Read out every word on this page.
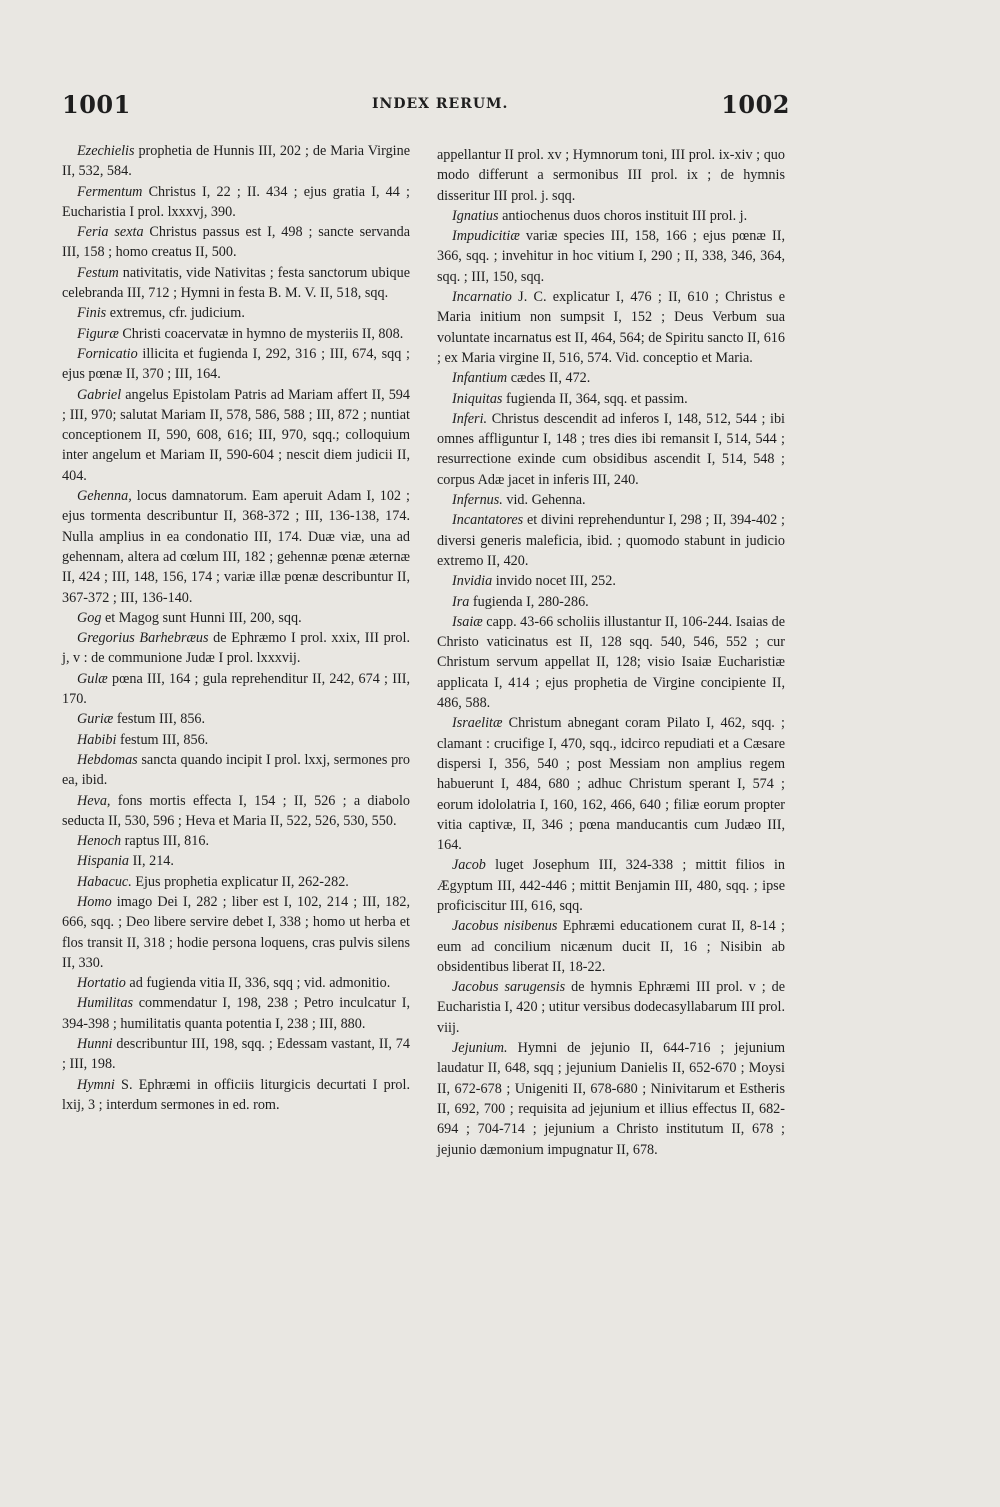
1001	INDEX RERUM.	1002

Ezechielis prophetia de Hunnis III, 202 ; de Maria Virgine II, 532, 584.

Fermentum Christus I, 22 ; II. 434 ; ejus gratia I, 44 ; Eucharistia I prol. lxxxvj, 390.

Feria sexta Christus passus est I, 498 ; sancte servanda III, 158 ; homo creatus II, 500.

Festum nativitatis, vide Nativitas ; festa sanctorum ubique celebranda III, 712 ; Hymni in festa B. M. V. II, 518, sqq.

Finis extremus, cfr. judicium.

Figuræ Christi coacervatæ in hymno de mysteriis II, 808.

Fornicatio illicita et fugienda I, 292, 316 ; III, 674, sqq ; ejus pœnæ II, 370 ; III, 164.

Gabriel angelus Epistolam Patris ad Mariam affert II, 594 ; III, 970; salutat Mariam II, 578, 586, 588 ; III, 872 ; nuntiat conceptionem II, 590, 608, 616; III, 970, sqq.; colloquium inter angelum et Mariam II, 590-604 ; nescit diem judicii II, 404.

Gehenna, locus damnatorum. Eam aperuit Adam I, 102 ; ejus tormenta describuntur II, 368-372 ; III, 136-138, 174. Nulla amplius in ea condonatio III, 174. Duæ viæ, una ad gehennam, altera ad cœlum III, 182 ; gehennæ pœnæ æternæ II, 424 ; III, 148, 156, 174 ; variæ illæ pœnæ describuntur II, 367-372 ; III, 136-140.

Gog et Magog sunt Hunni III, 200, sqq.

Gregorius Barhebræus de Ephræmo I prol. xxix, III prol. j, v : de communione Judæ I prol. lxxxvij.

Gulæ pœna III, 164 ; gula reprehenditur II, 242, 674 ; III, 170.

Guriæ festum III, 856.

Habibi festum III, 856.

Hebdomas sancta quando incipit I prol. lxxj, sermones pro ea, ibid.

Heva, fons mortis effecta I, 154 ; II, 526 ; a diabolo seducta II, 530, 596 ; Heva et Maria II, 522, 526, 530, 550.

Henoch raptus III, 816.

Hispania II, 214.

Habacuc. Ejus prophetia explicatur II, 262-282.

Homo imago Dei I, 282 ; liber est I, 102, 214 ; III, 182, 666, sqq. ; Deo libere servire debet I, 338 ; homo ut herba et flos transit II, 318 ; hodie persona loquens, cras pulvis silens II, 330.

Hortatio ad fugienda vitia II, 336, sqq ; vid. admonitio.

Humilitas commendatur I, 198, 238 ; Petro inculcatur I, 394-398 ; humilitatis quanta potentia I, 238 ; III, 880.

Hunni describuntur III, 198, sqq. ; Edessam vastant, II, 74 ; III, 198.

Hymni S. Ephræmi in officiis liturgicis decurtati I prol. lxij, 3 ; interdum sermones in ed. rom.

appellantur II prol. xv ; Hymnorum toni, III prol. ix-xiv ; quo modo differunt a sermonibus III prol. ix ; de hymnis disseritur III prol. j. sqq.

Ignatius antiochenus duos choros instituit III prol. j.

Impudicitiæ variæ species III, 158, 166 ; ejus pœnæ II, 366, sqq. ; invehitur in hoc vitium I, 290 ; II, 338, 346, 364, sqq. ; III, 150, sqq.

Incarnatio J. C. explicatur I, 476 ; II, 610 ; Christus e Maria initium non sumpsit I, 152 ; Deus Verbum sua voluntate incarnatus est II, 464, 564; de Spiritu sancto II, 616 ; ex Maria virgine II, 516, 574. Vid. conceptio et Maria.

Infantium cædes II, 472.

Iniquitas fugienda II, 364, sqq. et passim.

Inferi. Christus descendit ad inferos I, 148, 512, 544 ; ibi omnes affliguntur I, 148 ; tres dies ibi remansit I, 514, 544 ; resurrectione exinde cum obsidibus ascendit I, 514, 548 ; corpus Adæ jacet in inferis III, 240.

Infernus. vid. Gehenna.

Incantatores et divini reprehenduntur I, 298 ; II, 394-402 ; diversi generis maleficia, ibid. ; quomodo stabunt in judicio extremo II, 420.

Invidia invido nocet III, 252.

Ira fugienda I, 280-286.

Isaiæ capp. 43-66 scholiis illustantur II, 106-244. Isaias de Christo vaticinatus est II, 128 sqq. 540, 546, 552 ; cur Christum servum appellat II, 128; visio Isaiæ Eucharistiæ applicata I, 414 ; ejus prophetia de Virgine concipiente II, 486, 588.

Israelitæ Christum abnegant coram Pilato I, 462, sqq. ; clamant : crucifige I, 470, sqq., idcirco repudiati et a Cæsare dispersi I, 356, 540 ; post Messiam non amplius regem habuerunt I, 484, 680 ; adhuc Christum sperant I, 574 ; eorum idololatria I, 160, 162, 466, 640 ; filiæ eorum propter vitia captivæ, II, 346 ; pœna manducantis cum Judæo III, 164.

Jacob luget Josephum III, 324-338 ; mittit filios in Ægyptum III, 442-446 ; mittit Benjamin III, 480, sqq. ; ipse proficiscitur III, 616, sqq.

Jacobus nisibenus Ephræmi educationem curat II, 8-14 ; eum ad concilium nicænum ducit II, 16 ; Nisibin ab obsidentibus liberat II, 18-22.

Jacobus sarugensis de hymnis Ephræmi III prol. v ; de Eucharistia I, 420 ; utitur versibus dodecasyllabarum III prol. viij.

Jejunium. Hymni de jejunio II, 644-716 ; jejunium laudatur II, 648, sqq ; jejunium Danielis II, 652-670 ; Moysi II, 672-678 ; Unigeniti II, 678-680 ; Ninivitarum et Estheris II, 692, 700 ; requisita ad jejunium et illius effectus II, 682-694 ; 704-714 ; jejunium a Christo institutum II, 678 ; jejunio dæmonium impugnatur II, 678.
